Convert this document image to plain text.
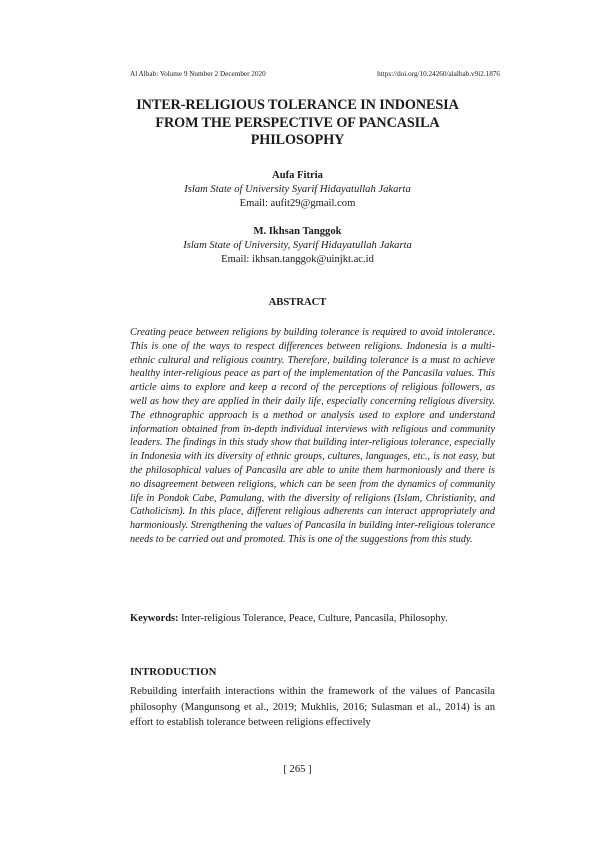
Al Albab: Volume 9 Number 2 December 2020	https://doi.org/10.24260/alalbab.v9i2.1876
INTER-RELIGIOUS TOLERANCE IN INDONESIA
FROM THE PERSPECTIVE OF PANCASILA
PHILOSOPHY
Aufa Fitria
Islam State of University Syarif Hidayatullah Jakarta
Email: aufit29@gmail.com
M. Ikhsan Tanggok
Islam State of University, Syarif Hidayatullah Jakarta
Email: ikhsan.tanggok@uinjkt.ac.id
ABSTRACT

Creating peace between religions by building tolerance is required to avoid intolerance. This is one of the ways to respect differences between religions. Indonesia is a multi-ethnic cultural and religious country. Therefore, building tolerance is a must to achieve healthy inter-religious peace as part of the implementation of the Pancasila values. This article aims to explore and keep a record of the perceptions of religious followers, as well as how they are applied in their daily life, especially concerning religious diversity. The ethnographic approach is a method or analysis used to explore and understand information obtained from in-depth individual interviews with religious and community leaders. The findings in this study show that building inter-religious tolerance, especially in Indonesia with its diversity of ethnic groups, cultures, languages, etc., is not easy, but the philosophical values of Pancasila are able to unite them harmoniously and there is no disagreement between religions, which can be seen from the dynamics of community life in Pondok Cabe, Pamulang, with the diversity of religions (Islam, Christianity, and Catholicism). In this place, different religious adherents can interact appropriately and harmoniously. Strengthening the values of Pancasila in building inter-religious tolerance needs to be carried out and promoted. This is one of the suggestions from this study.

Keywords: Inter-religious Tolerance, Peace, Culture, Pancasila, Philosophy.

INTRODUCTION

Rebuilding interfaith interactions within the framework of the values of Pancasila philosophy (Mangunsong et al., 2019; Mukhlis, 2016; Sulasman et al., 2014) is an effort to establish tolerance between religions effectively

[ 265 ]
